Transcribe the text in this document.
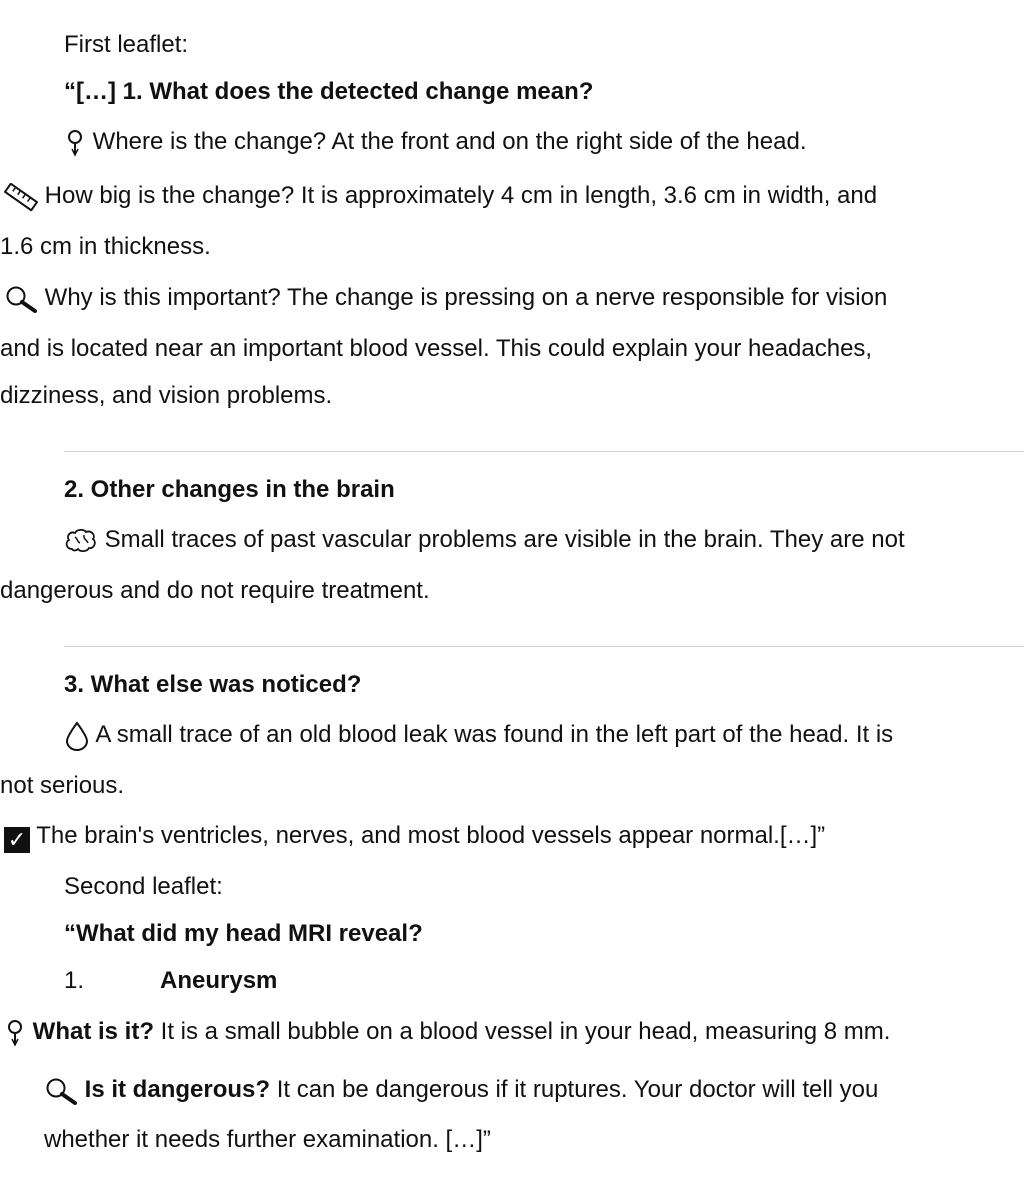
First leaflet:
“[…] 1. What does the detected change mean?
Where is the change? At the front and on the right side of the head.
How big is the change? It is approximately 4 cm in length, 3.6 cm in width, and
1.6 cm in thickness.
Why is this important? The change is pressing on a nerve responsible for vision
and is located near an important blood vessel. This could explain your headaches,
dizziness, and vision problems.
2. Other changes in the brain
Small traces of past vascular problems are visible in the brain. They are not
dangerous and do not require treatment.
3. What else was noticed?
A small trace of an old blood leak was found in the left part of the head. It is
not serious.
✓ The brain's ventricles, nerves, and most blood vessels appear normal.[…]”
Second leaflet:
“What did my head MRI reveal?
1.	Aneurysm
What is it? It is a small bubble on a blood vessel in your head, measuring 8 mm.
Is it dangerous? It can be dangerous if it ruptures. Your doctor will tell you
whether it needs further examination. […]”
